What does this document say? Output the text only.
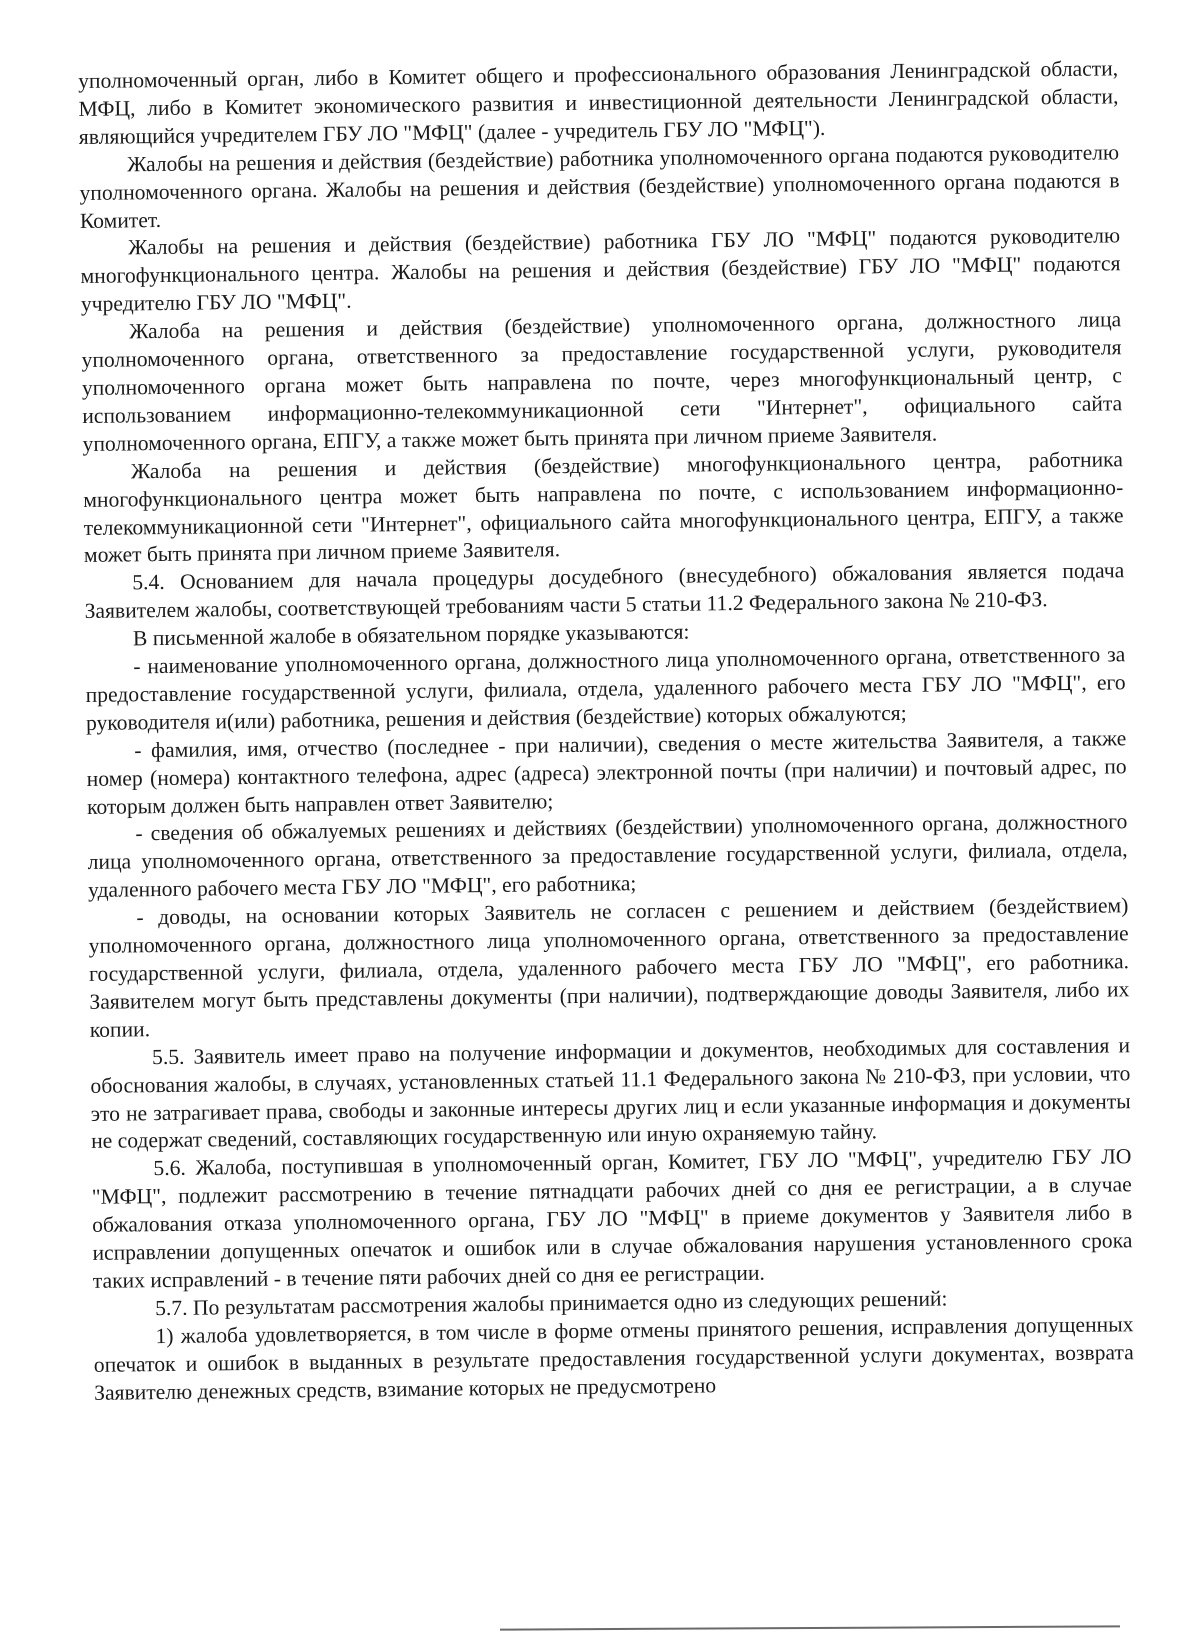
уполномоченный орган, либо в Комитет общего и профессионального образования Ленинградской области, МФЦ, либо в Комитет экономического развития и инвестиционной деятельности Ленинградской области, являющийся учредителем ГБУ ЛО "МФЦ" (далее - учредитель ГБУ ЛО "МФЦ").

Жалобы на решения и действия (бездействие) работника уполномоченного органа подаются руководителю уполномоченного органа. Жалобы на решения и действия (бездействие) уполномоченного органа подаются в Комитет.

Жалобы на решения и действия (бездействие) работника ГБУ ЛО "МФЦ" подаются руководителю многофункционального центра. Жалобы на решения и действия (бездействие) ГБУ ЛО "МФЦ" подаются учредителю ГБУ ЛО "МФЦ".

Жалоба на решения и действия (бездействие) уполномоченного органа, должностного лица уполномоченного органа, ответственного за предоставление государственной услуги, руководителя уполномоченного органа может быть направлена по почте, через многофункциональный центр, с использованием информационно-телекоммуникационной сети "Интернет", официального сайта уполномоченного органа, ЕПГУ, а также может быть принята при личном приеме Заявителя.

Жалоба на решения и действия (бездействие) многофункционального центра, работника многофункционального центра может быть направлена по почте, с использованием информационно-телекоммуникационной сети "Интернет", официального сайта многофункционального центра, ЕПГУ, а также может быть принята при личном приеме Заявителя.

5.4. Основанием для начала процедуры досудебного (внесудебного) обжалования является подача Заявителем жалобы, соответствующей требованиям части 5 статьи 11.2 Федерального закона № 210-ФЗ.

В письменной жалобе в обязательном порядке указываются:

- наименование уполномоченного органа, должностного лица уполномоченного органа, ответственного за предоставление государственной услуги, филиала, отдела, удаленного рабочего места ГБУ ЛО "МФЦ", его руководителя и(или) работника, решения и действия (бездействие) которых обжалуются;

- фамилия, имя, отчество (последнее - при наличии), сведения о месте жительства Заявителя, а также номер (номера) контактного телефона, адрес (адреса) электронной почты (при наличии) и почтовый адрес, по которым должен быть направлен ответ Заявителю;

- сведения об обжалуемых решениях и действиях (бездействии) уполномоченного органа, должностного лица уполномоченного органа, ответственного за предоставление государственной услуги, филиала, отдела, удаленного рабочего места ГБУ ЛО "МФЦ", его работника;

- доводы, на основании которых Заявитель не согласен с решением и действием (бездействием) уполномоченного органа, должностного лица уполномоченного органа, ответственного за предоставление государственной услуги, филиала, отдела, удаленного рабочего места ГБУ ЛО "МФЦ", его работника. Заявителем могут быть представлены документы (при наличии), подтверждающие доводы Заявителя, либо их копии.

5.5. Заявитель имеет право на получение информации и документов, необходимых для составления и обоснования жалобы, в случаях, установленных статьей 11.1 Федерального закона № 210-ФЗ, при условии, что это не затрагивает права, свободы и законные интересы других лиц и если указанные информация и документы не содержат сведений, составляющих государственную или иную охраняемую тайну.

5.6. Жалоба, поступившая в уполномоченный орган, Комитет, ГБУ ЛО "МФЦ", учредителю ГБУ ЛО "МФЦ", подлежит рассмотрению в течение пятнадцати рабочих дней со дня ее регистрации, а в случае обжалования отказа уполномоченного органа, ГБУ ЛО "МФЦ" в приеме документов у Заявителя либо в исправлении допущенных опечаток и ошибок или в случае обжалования нарушения установленного срока таких исправлений - в течение пяти рабочих дней со дня ее регистрации.

5.7. По результатам рассмотрения жалобы принимается одно из следующих решений:

1) жалоба удовлетворяется, в том числе в форме отмены принятого решения, исправления допущенных опечаток и ошибок в выданных в результате предоставления государственной услуги документах, возврата Заявителю денежных средств, взимание которых не предусмотрено
